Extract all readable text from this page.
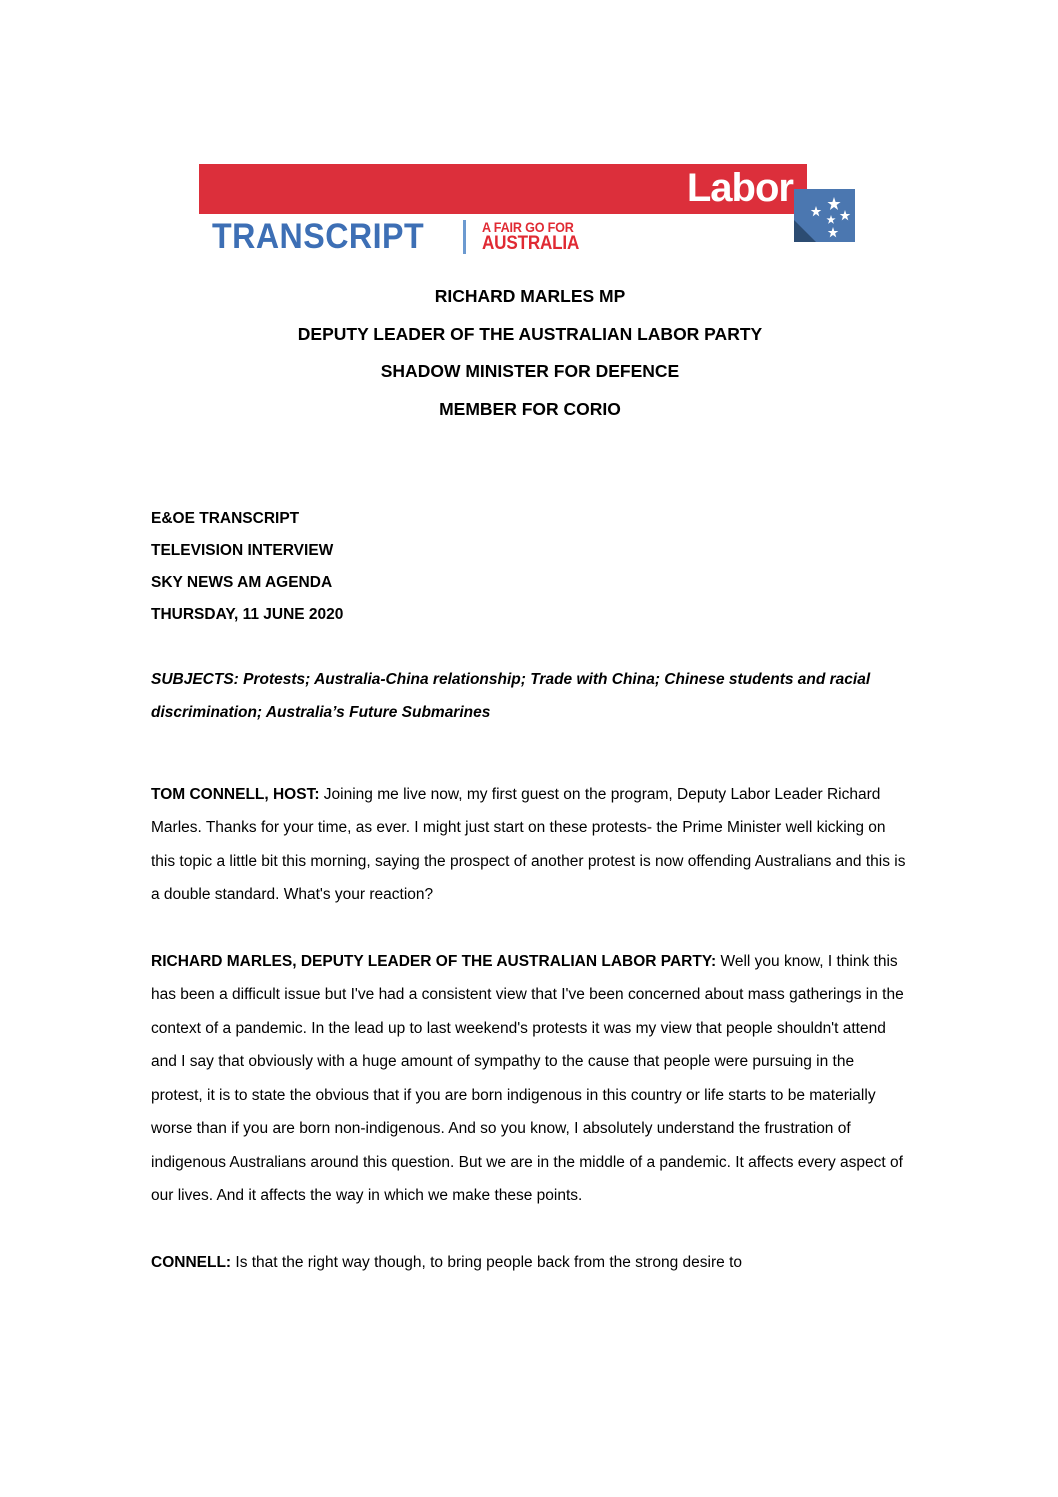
Labor
TRANSCRIPT	A FAIR GO FOR
AUSTRALIA
RICHARD MARLES MP
DEPUTY LEADER OF THE AUSTRALIAN LABOR PARTY
SHADOW MINISTER FOR DEFENCE
MEMBER FOR CORIO
E&OE TRANSCRIPT
TELEVISION INTERVIEW
SKY NEWS AM AGENDA
THURSDAY, 11 JUNE 2020
SUBJECTS: Protests; Australia-China relationship; Trade with China; Chinese students and racial discrimination; Australia’s Future Submarines

TOM CONNELL, HOST: Joining me live now, my first guest on the program, Deputy Labor Leader Richard Marles. Thanks for your time, as ever. I might just start on these protests- the Prime Minister well kicking on this topic a little bit this morning, saying the prospect of another protest is now offending Australians and this is a double standard. What's your reaction?

RICHARD MARLES, DEPUTY LEADER OF THE AUSTRALIAN LABOR PARTY: Well you know, I think this has been a difficult issue but I've had a consistent view that I've been concerned about mass gatherings in the context of a pandemic. In the lead up to last weekend's protests it was my view that people shouldn't attend and I say that obviously with a huge amount of sympathy to the cause that people were pursuing in the protest, it is to state the obvious that if you are born indigenous in this country or life starts to be materially worse than if you are born non-indigenous. And so you know, I absolutely understand the frustration of indigenous Australians around this question. But we are in the middle of a pandemic. It affects every aspect of our lives. And it affects the way in which we make these points.

CONNELL: Is that the right way though, to bring people back from the strong desire to
